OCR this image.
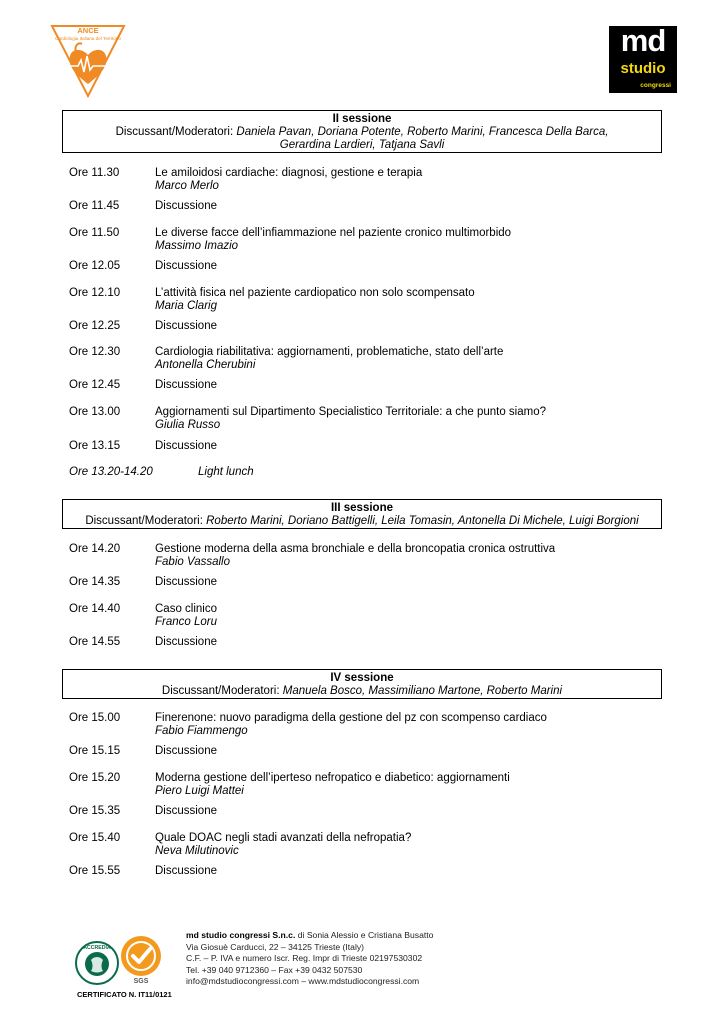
ANCE
Cardiologia Italiana del Territorio	md
studio
congressi
II sessione
Discussant/Moderatori: Daniela Pavan, Doriana Potente, Roberto Marini, Francesca Della Barca,
Gerardina Lardieri, Tatjana Savli
Ore 11.30	Le amiloidosi cardiache: diagnosi, gestione e terapia
Marco Merlo
Ore 11.45	Discussione
Ore 11.50	Le diverse facce dell’infiammazione nel paziente cronico multimorbido
Massimo Imazio
Ore 12.05	Discussione
Ore 12.10	L’attività fisica nel paziente cardiopatico non solo scompensato
Maria Clarig
Ore 12.25	Discussione
Ore 12.30	Cardiologia riabilitativa: aggiornamenti, problematiche, stato dell’arte
Antonella Cherubini
Ore 12.45	Discussione
Ore 13.00	Aggiornamenti sul Dipartimento Specialistico Territoriale: a che punto siamo?
Giulia Russo
Ore 13.15	Discussione
Ore 13.20-14.20	Light lunch
III sessione
Discussant/Moderatori: Roberto Marini, Doriano Battigelli, Leila Tomasin, Antonella Di Michele, Luigi Borgioni
Ore 14.20	Gestione moderna della asma bronchiale e della broncopatia cronica ostruttiva
Fabio Vassallo
Ore 14.35	Discussione
Ore 14.40	Caso clinico
Franco Loru
Ore 14.55	Discussione
IV sessione
Discussant/Moderatori: Manuela Bosco, Massimiliano Martone, Roberto Marini
Ore 15.00	Finerenone: nuovo paradigma della gestione del pz con scompenso cardiaco
Fabio Fiammengo
Ore 15.15	Discussione
Ore 15.20	Moderna gestione dell’iperteso nefropatico e diabetico: aggiornamenti
Piero Luigi Mattei
Ore 15.35	Discussione
Ore 15.40	Quale DOAC negli stadi avanzati della nefropatia?
Neva Milutinovic
Ore 15.55	Discussione
ACCREDIA
SGS
CERTIFICATO N. IT11/0121
md studio congressi S.n.c. di Sonia Alessio e Cristiana Busatto
Via Giosuè Carducci, 22 – 34125 Trieste (Italy)
C.F. – P. IVA e numero Iscr. Reg. Impr di Trieste 02197530302
Tel. +39 040 9712360 – Fax +39 0432 507530
info@mdstudiocongressi.com – www.mdstudiocongressi.com
